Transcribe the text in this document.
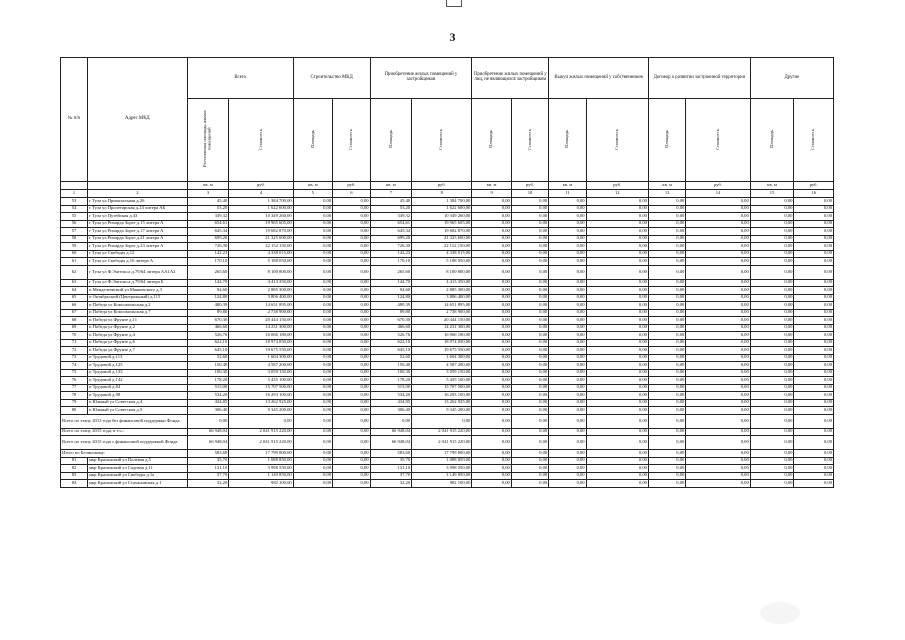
3
№ п/п	Адрес МКД	Всего		Строительство МКД		Приобретение жилых помещений у застройщиков		Приобретение жилых помещений у лиц, не являющихся застройщиком		Выкуп жилых помещений у собственников		Договор о развитии застроенной территории		Другие	
		Расселяемая площадь жилых помещений	Стоимость	Площадь	Стоимость	Площадь	Стоимость	Площадь	Стоимость	Площадь	Стоимость	Площадь	Стоимость	Площадь	Стоимость
		кв. м	руб.	кв. м	руб.	кв. м	руб.	кв. м	руб.	кв. м	руб.	кв. м	руб.	кв. м	руб.
1	2	3	4	5	6	7	8	9	10	11	12	13	14	15	16
53	г Тула ул Приокзальная д.26	45,40	1 384 700,00	0,00	0,00	45,40	1 384 700,00	0,00	0,00	0,00	0,00	0,00	0,00	0,00	0,00
54	г Тула ул Пролетарская д.23 литера АБ	53,20	1 622 600,00	0,00	0,00	53,20	1 622 600,00	0,00	0,00	0,00	0,00	0,00	0,00	0,00	0,00
55	г Тула ул Путейская д.43	339,32	10 349 260,00	0,00	0,00	339,32	10 349 260,00	0,00	0,00	0,00	0,00	0,00	0,00	0,00	0,00
56	г Тула ул Рихарда Зорге д.15 литера А	654,61	19 965 605,00	0,00	0,00	654,61	19 965 605,00	0,00	0,00	0,00	0,00	0,00	0,00	0,00	0,00
57	г Тула ул Рихарда Зорге д.17 литера А	645,34	19 682 870,00	0,00	0,00	645,34	19 682 870,00	0,00	0,00	0,00	0,00	0,00	0,00	0,00	0,00
58	г Тула ул Рихарда Зорге д.21 литера А	699,20	21 325 600,00	0,00	0,00	699,20	21 325 600,00	0,00	0,00	0,00	0,00	0,00	0,00	0,00	0,00
59	г Тула ул Рихарда Зорге д.23 литера А	726,30	22 152 150,00	0,00	0,00	726,30	22 152 150,00	0,00	0,00	0,00	0,00	0,00	0,00	0,00	0,00
60	г Тула ул Свободы д.12	142,23	4 338 015,00	0,00	0,00	142,23	4 338 015,00	0,00	0,00	0,00	0,00	0,00	0,00	0,00	0,00
61	г Тула ул Свободы д.16 литера А	170,10	5 188 050,00	0,00	0,00	170,10	5 188 050,00	0,00	0,00	0,00	0,00	0,00	0,00	0,00	0,00
62	г Тула ул Ф.Энгельса д.79/64 литера АА1А2	265,60	8 100 800,00	0,00	0,00	265,60	8 100 800,00	0,00	0,00	0,00	0,00	0,00	0,00	0,00	0,00
63	г Тула ул Ф.Энгельса д.79/64 литера Б	144,70	4 413 350,00	0,00	0,00	144,70	4 413 350,00	0,00	0,00	0,00	0,00	0,00	0,00	0,00	0,00
64	п Менделеевский ул Маяковского д.3	94,60	2 885 300,00	0,00	0,00	94,60	2 885 300,00	0,00	0,00	0,00	0,00	0,00	0,00	0,00	0,00
65	п Октябрьский (Центральный) д.115	124,80	3 806 400,00	0,00	0,00	124,80	3 806 400,00	0,00	0,00	0,00	0,00	0,00	0,00	0,00	0,00
66	п Победа ул Комсомольская д.2	480,39	14 651 895,00	0,00	0,00	480,39	14 651 895,00	0,00	0,00	0,00	0,00	0,00	0,00	0,00	0,00
67	п Победа ул Комсомольская д.7	89,80	2 738 900,00	0,00	0,00	89,80	2 738 900,00	0,00	0,00	0,00	0,00	0,00	0,00	0,00	0,00
68	п Победа ул Фрунзе д.11	670,30	20 444 150,00	0,00	0,00	670,30	20 444 150,00	0,00	0,00	0,00	0,00	0,00	0,00	0,00	0,00
69	п Победа ул Фрунзе д.2	466,60	14 231 300,00	0,00	0,00	466,60	14 231 300,00	0,00	0,00	0,00	0,00	0,00	0,00	0,00	0,00
70	п Победа ул Фрунзе д.4	526,76	16 066 180,00	0,00	0,00	526,76	16 066 180,00	0,00	0,00	0,00	0,00	0,00	0,00	0,00	0,00
71	п Победа ул Фрунзе д.6	622,10	18 974 050,00	0,00	0,00	622,10	18 974 050,00	0,00	0,00	0,00	0,00	0,00	0,00	0,00	0,00
72	п Победа ул Фрунзе д.7	645,10	19 675 550,00	0,00	0,00	645,10	19 675 550,00	0,00	0,00	0,00	0,00	0,00	0,00	0,00	0,00
73	п Трудовой д.113	52,60	1 604 300,00	0,00	0,00	52,60	1 604 300,00	0,00	0,00	0,00	0,00	0,00	0,00	0,00	0,00
74	п Трудовой д.125	150,40	4 587 200,00	0,00	0,00	150,40	4 587 200,00	0,00	0,00	0,00	0,00	0,00	0,00	0,00	0,00
75	п Трудовой д.133	100,30	3 059 150,00	0,00	0,00	100,30	3 059 150,00	0,00	0,00	0,00	0,00	0,00	0,00	0,00	0,00
76	п Трудовой д.142	178,20	5 435 100,00	0,00	0,00	178,20	5 435 100,00	0,00	0,00	0,00	0,00	0,00	0,00	0,00	0,00
77	п Трудовой д.84	515,00	15 707 500,00	0,00	0,00	515,00	15 707 500,00	0,00	0,00	0,00	0,00	0,00	0,00	0,00	0,00
78	п Трудовой д.98	534,20	16 293 100,00	0,00	0,00	534,20	16 293 100,00	0,00	0,00	0,00	0,00	0,00	0,00	0,00	0,00
79	п Южный ул Советская д.4	434,85	13 262 925,00	0,00	0,00	434,85	13 262 925,00	0,00	0,00	0,00	0,00	0,00	0,00	0,00	0,00
80	п Южный ул Советская д.5	306,40	9 345 200,00	0,00	0,00	306,40	9 345 200,00	0,00	0,00	0,00	0,00	0,00	0,00	0,00	0,00
Всего по этапу 2013 года без финансовой поддержки Фонда		0,00	0,00	0,00	0,00	0,00	0,00	0,00	0,00	0,00	0,00	0,00	0,00	0,00	0,00
Всего по этапу 2015 года, в т.ч.:		66 948,04	2 041 915 220,00	0,00	0,00	66 948,04	2 041 915 220,00	0,00	0,00	0,00	0,00	0,00	0,00	0,00	0,00
Всего по этапу 2015 года с финансовой поддержкой Фонда		66 948,04	2 041 915 220,00	0,00	0,00	66 948,04	2 041 915 220,00	0,00	0,00	0,00	0,00	0,00	0,00	0,00	0,00
Итого по Белинскому:		583,60	17 799 800,00	0,00	0,00	583,60	17 799 800,00	0,00	0,00	0,00	0,00	0,00	0,00	0,00	0,00
81	мкр Красинский ул Полевая д.5	35,70	1 088 850,00	0,00	0,00	35,70	1 088 850,00	0,00	0,00	0,00	0,00	0,00	0,00	0,00	0,00
82	мкр Красинский ул Садовая д.11	131,10	3 998 550,00	0,00	0,00	131,10	3 998 550,00	0,00	0,00	0,00	0,00	0,00	0,00	0,00	0,00
83	мкр Красинский ул Свободы д.1а	37,70	1 149 850,00	0,00	0,00	37,70	1 149 850,00	0,00	0,00	0,00	0,00	0,00	0,00	0,00	0,00
84	мкр Красинский ул Стахановская д.1	32,20	982 100,00	0,00	0,00	32,20	982 100,00	0,00	0,00	0,00	0,00	0,00	0,00	0,00	0,00
